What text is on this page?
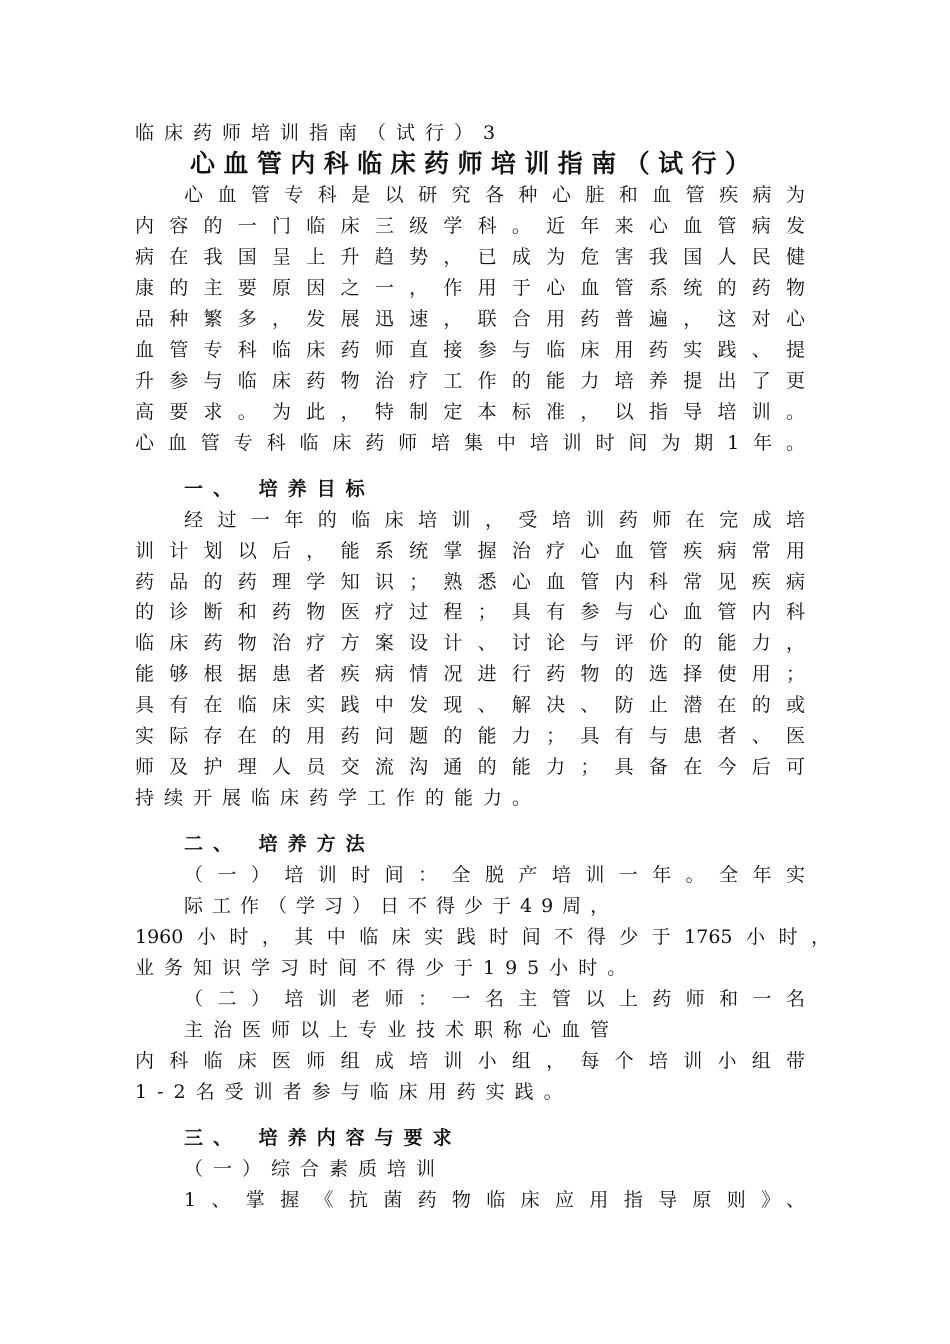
临床药师培训指南（试行）3
心血管内科临床药师培训指南（试行）
心血管专科是以研究各种心脏和血管疾病为
内容的一门临床三级学科。近年来心血管病发
病在我国呈上升趋势，已成为危害我国人民健
康的主要原因之一，作用于心血管系统的药物
品种繁多，发展迅速，联合用药普遍，这对心
血管专科临床药师直接参与临床用药实践、提
升参与临床药物治疗工作的能力培养提出了更
高要求。为此，特制定本标准，以指导培训。
心血管专科临床药师培集中培训时间为期1年。
一、 培养目标
经过一年的临床培训，受培训药师在完成培
训计划以后，能系统掌握治疗心血管疾病常用
药品的药理学知识；熟悉心血管内科常见疾病
的诊断和药物医疗过程；具有参与心血管内科
临床药物治疗方案设计、讨论与评价的能力，
能够根据患者疾病情况进行药物的选择使用；
具有在临床实践中发现、解决、防止潜在的或
实际存在的用药问题的能力；具有与患者、医
师及护理人员交流沟通的能力；具备在今后可
持续开展临床药学工作的能力。
二、 培养方法
（一）培训时间：全脱产培训一年。全年实
际工作（学习）日不得少于49周，
1960小时，其中临床实践时间不得少于1765小时，
业务知识学习时间不得少于195小时。
（二）培训老师：一名主管以上药师和一名
主治医师以上专业技术职称心血管
内科临床医师组成培训小组，每个培训小组带
1-2名受训者参与临床用药实践。
三、 培养内容与要求
（一）综合素质培训
1、掌握《抗菌药物临床应用指导原则》、
